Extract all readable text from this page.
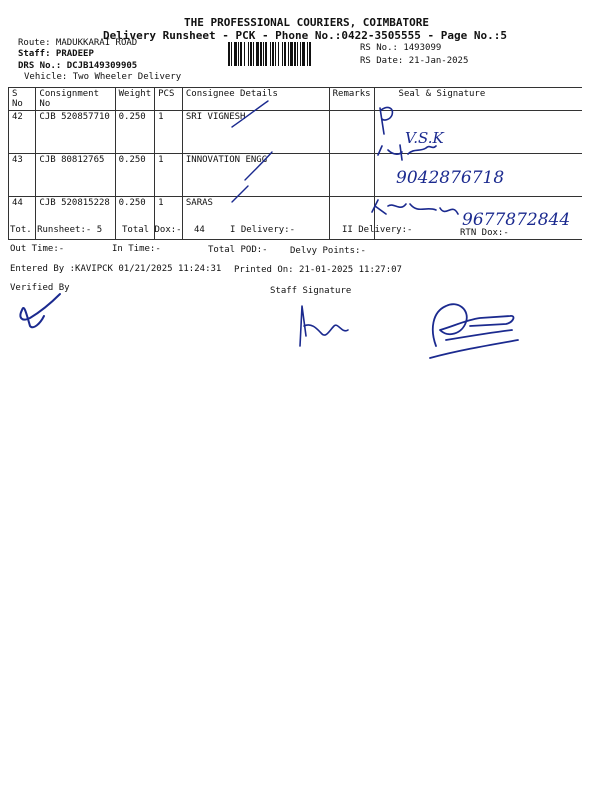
THE PROFESSIONAL COURIERS, COIMBATORE
Delivery Runsheet - PCK - Phone No.:0422-3505555 - Page No.:5
Route: MADUKKARAI ROAD
Staff: PRADEEP
DRS No.: DCJB149309905
Vehicle: Two Wheeler Delivery
RS No.: 1493099
RS Date: 21-Jan-2025
S No	Consignment No	Weight	PCS	Consignee Details	Remarks	Seal & Signature
42	CJB 520857710	0.250	1	SRI VIGNESH		
43	CJB 80812765	0.250	1	INNOVATION ENGG		
44	CJB 520815228	0.250	1	SARAS		
Tot. Runsheet:- 5 Total Dox:- 44	I Delivery:-	II Delivery:-	RTN Dox:-
Out Time:-	In Time:-	Total POD:- Delvy Points:-
Entered By :KAVIPCK 01/21/2025 11:24:31 Printed On: 21-01-2025 11:27:07
Verified By	Staff Signature
V.S.K
9042876718
9677872844
